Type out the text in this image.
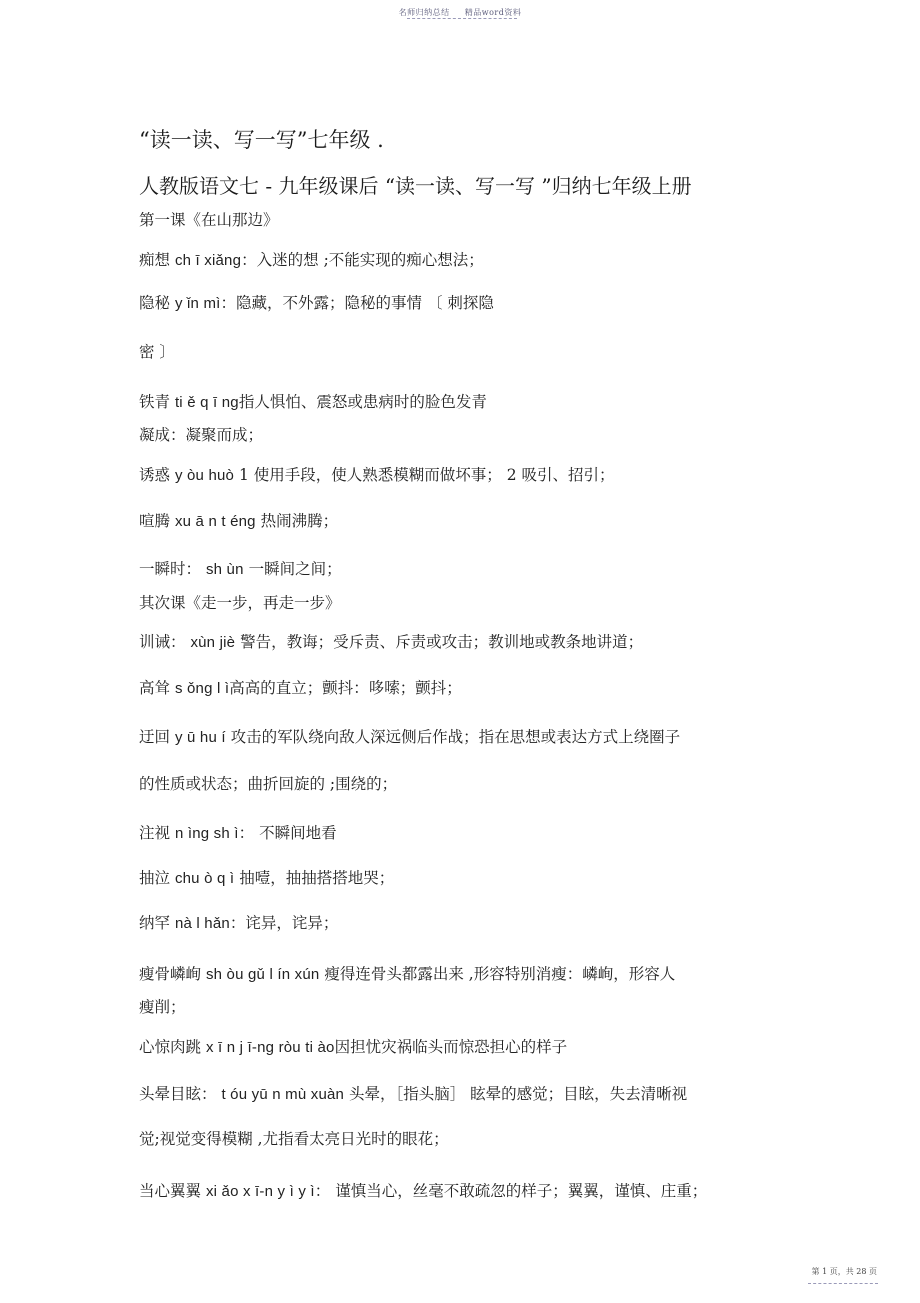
名师归纳总结 精品word资料
“读一读、写一写”七年级 .
人教版语文七 - 九年级课后 “读一读、写一写 ”归纳七年级上册
第一课《在山那边》
痴想 ch ī xiǎng：入迷的想 ;不能实现的痴心想法；
隐秘 y ǐn mì：隐藏，不外露；隐秘的事情 〔 刺探隐
密 〕
铁青 ti ě q ī ng指人惧怕、震怒或患病时的脸色发青
凝成：凝聚而成；
诱惑 y òu huò 1 使用手段，使人熟悉模糊而做坏事； 2 吸引、招引；
喧腾 xu ā n t éng 热闹沸腾；
一瞬时： sh ùn 一瞬间之间；
其次课《走一步，再走一步》
训诫： xùn jiè 警告，教诲；受斥责、斥责或攻击；教训地或教条地讲道；
高耸 s ǒng l ì高高的直立；颤抖：哆嗦；颤抖；
迂回 y ū hu í 攻击的军队绕向敌人深远侧后作战；指在思想或表达方式上绕圈子
的性质或状态；曲折回旋的 ;围绕的；
注视 n ìng sh ì： 不瞬间地看
抽泣 chu ò q ì 抽噎，抽抽搭搭地哭；
纳罕 nà l hǎn：诧异，诧异；
瘦骨嶙峋 sh òu gǔ l ín xún 瘦得连骨头都露出来 ,形容特别消瘦：嶙峋，形容人
瘦削；
心惊肉跳 x ī n j ī-ng ròu ti ào因担忧灾祸临头而惊恐担心的样子
头晕目眩： t óu yū n mù xuàn 头晕，［指头脑］ 眩晕的感觉；目眩，失去清晰视
觉;视觉变得模糊 ,尤指看太亮日光时的眼花；
当心翼翼 xi ǎo x ī-n y ì y ì： 谨慎当心，丝毫不敢疏忽的样子；翼翼，谨慎、庄重；
第 1 页，共 28 页
